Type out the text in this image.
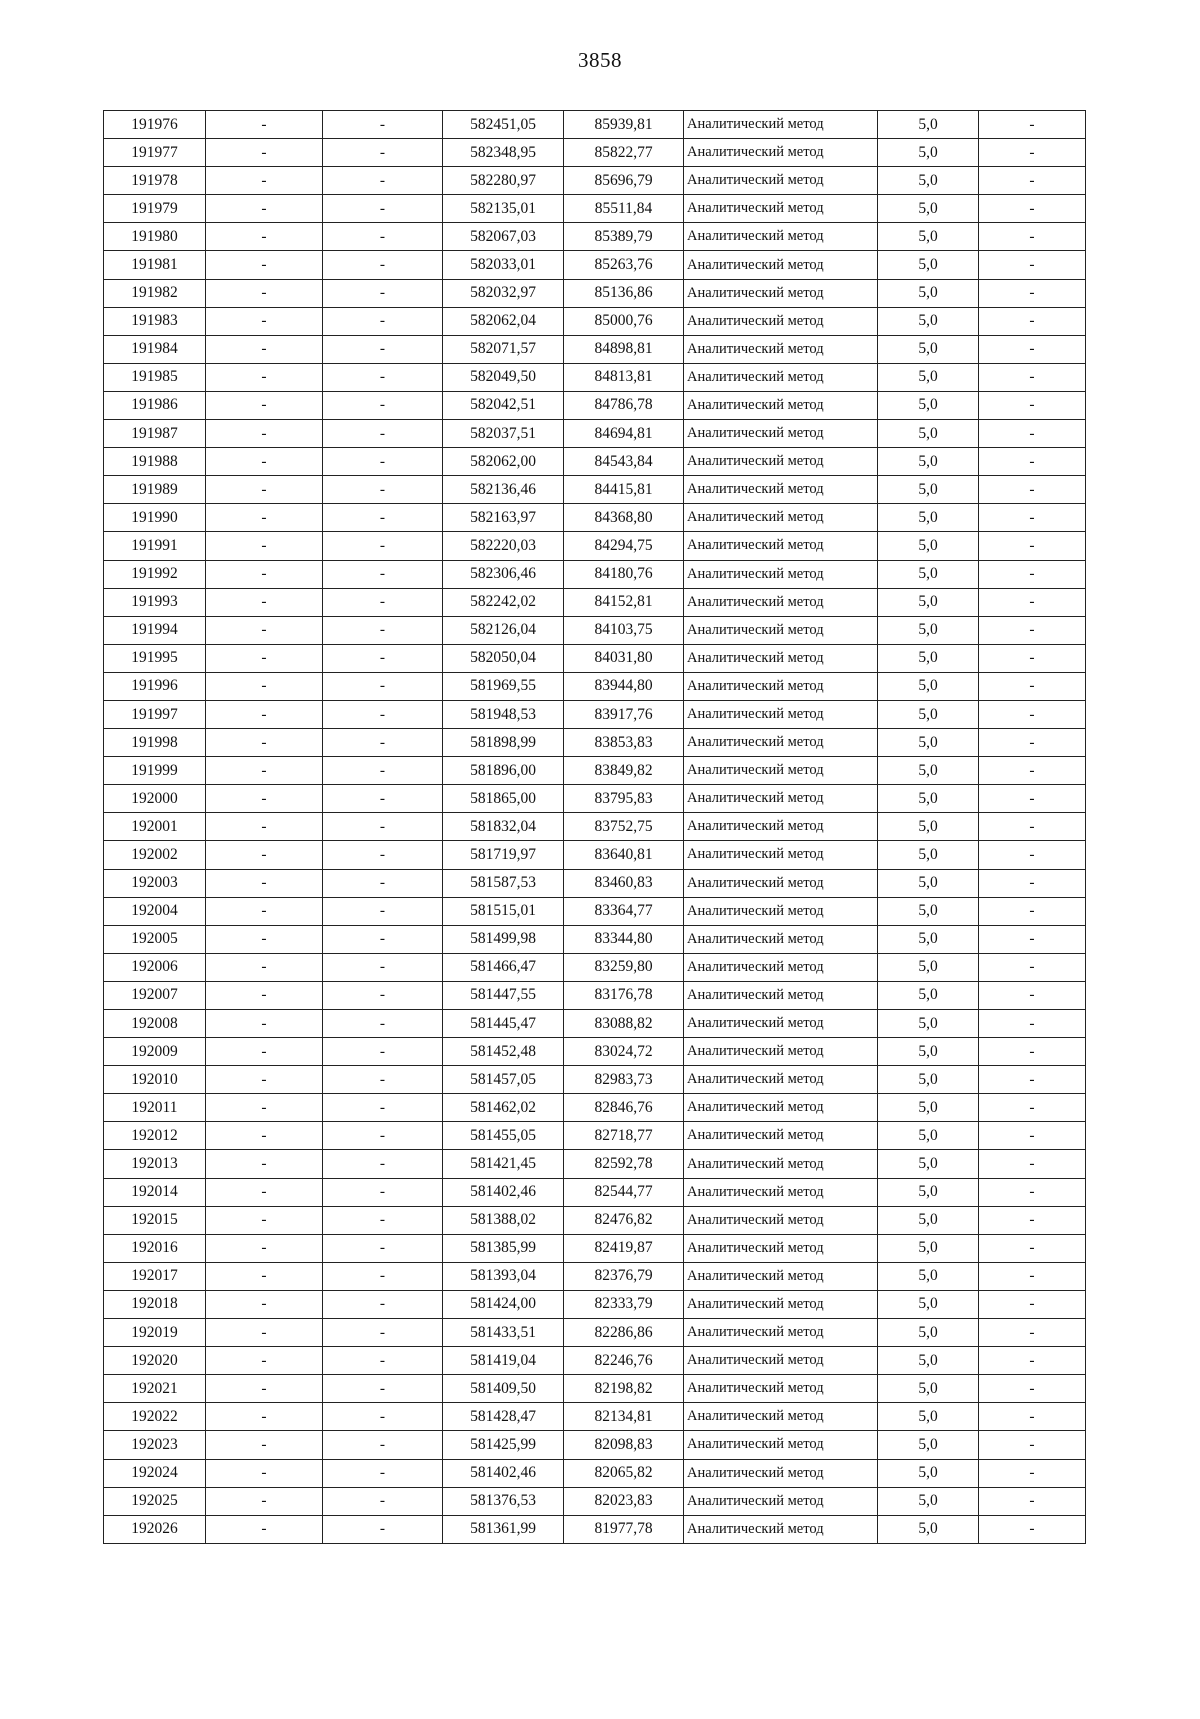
3858
191976	-	-	582451,05	85939,81	Аналитический метод	5,0	-
191977	-	-	582348,95	85822,77	Аналитический метод	5,0	-
191978	-	-	582280,97	85696,79	Аналитический метод	5,0	-
191979	-	-	582135,01	85511,84	Аналитический метод	5,0	-
191980	-	-	582067,03	85389,79	Аналитический метод	5,0	-
191981	-	-	582033,01	85263,76	Аналитический метод	5,0	-
191982	-	-	582032,97	85136,86	Аналитический метод	5,0	-
191983	-	-	582062,04	85000,76	Аналитический метод	5,0	-
191984	-	-	582071,57	84898,81	Аналитический метод	5,0	-
191985	-	-	582049,50	84813,81	Аналитический метод	5,0	-
191986	-	-	582042,51	84786,78	Аналитический метод	5,0	-
191987	-	-	582037,51	84694,81	Аналитический метод	5,0	-
191988	-	-	582062,00	84543,84	Аналитический метод	5,0	-
191989	-	-	582136,46	84415,81	Аналитический метод	5,0	-
191990	-	-	582163,97	84368,80	Аналитический метод	5,0	-
191991	-	-	582220,03	84294,75	Аналитический метод	5,0	-
191992	-	-	582306,46	84180,76	Аналитический метод	5,0	-
191993	-	-	582242,02	84152,81	Аналитический метод	5,0	-
191994	-	-	582126,04	84103,75	Аналитический метод	5,0	-
191995	-	-	582050,04	84031,80	Аналитический метод	5,0	-
191996	-	-	581969,55	83944,80	Аналитический метод	5,0	-
191997	-	-	581948,53	83917,76	Аналитический метод	5,0	-
191998	-	-	581898,99	83853,83	Аналитический метод	5,0	-
191999	-	-	581896,00	83849,82	Аналитический метод	5,0	-
192000	-	-	581865,00	83795,83	Аналитический метод	5,0	-
192001	-	-	581832,04	83752,75	Аналитический метод	5,0	-
192002	-	-	581719,97	83640,81	Аналитический метод	5,0	-
192003	-	-	581587,53	83460,83	Аналитический метод	5,0	-
192004	-	-	581515,01	83364,77	Аналитический метод	5,0	-
192005	-	-	581499,98	83344,80	Аналитический метод	5,0	-
192006	-	-	581466,47	83259,80	Аналитический метод	5,0	-
192007	-	-	581447,55	83176,78	Аналитический метод	5,0	-
192008	-	-	581445,47	83088,82	Аналитический метод	5,0	-
192009	-	-	581452,48	83024,72	Аналитический метод	5,0	-
192010	-	-	581457,05	82983,73	Аналитический метод	5,0	-
192011	-	-	581462,02	82846,76	Аналитический метод	5,0	-
192012	-	-	581455,05	82718,77	Аналитический метод	5,0	-
192013	-	-	581421,45	82592,78	Аналитический метод	5,0	-
192014	-	-	581402,46	82544,77	Аналитический метод	5,0	-
192015	-	-	581388,02	82476,82	Аналитический метод	5,0	-
192016	-	-	581385,99	82419,87	Аналитический метод	5,0	-
192017	-	-	581393,04	82376,79	Аналитический метод	5,0	-
192018	-	-	581424,00	82333,79	Аналитический метод	5,0	-
192019	-	-	581433,51	82286,86	Аналитический метод	5,0	-
192020	-	-	581419,04	82246,76	Аналитический метод	5,0	-
192021	-	-	581409,50	82198,82	Аналитический метод	5,0	-
192022	-	-	581428,47	82134,81	Аналитический метод	5,0	-
192023	-	-	581425,99	82098,83	Аналитический метод	5,0	-
192024	-	-	581402,46	82065,82	Аналитический метод	5,0	-
192025	-	-	581376,53	82023,83	Аналитический метод	5,0	-
192026	-	-	581361,99	81977,78	Аналитический метод	5,0	-
